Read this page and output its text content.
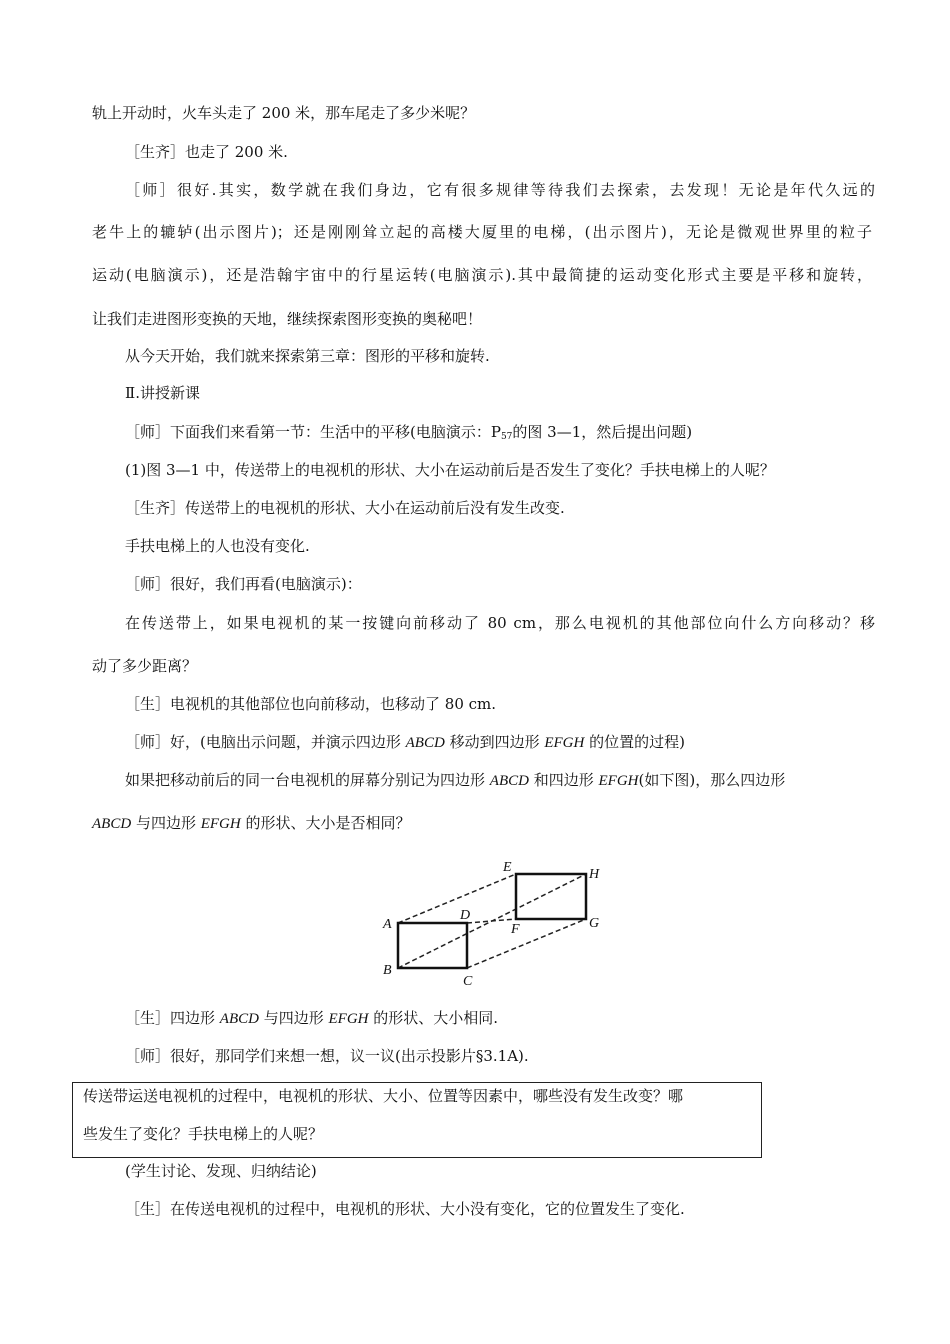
轨上开动时，火车头走了 200 米，那车尾走了多少米呢？
［生齐］也走了 200 米.
［师］很好.其实，数学就在我们身边，它有很多规律等待我们去探索，去发现！无论是年代久远的
老牛上的辘轳(出示图片)；还是刚刚耸立起的高楼大厦里的电梯，(出示图片)，无论是微观世界里的粒子
运动(电脑演示)，还是浩翰宇宙中的行星运转(电脑演示).其中最简捷的运动变化形式主要是平移和旋转，
让我们走进图形变换的天地，继续探索图形变换的奥秘吧！
从今天开始，我们就来探索第三章：图形的平移和旋转.
Ⅱ.讲授新课
［师］下面我们来看第一节：生活中的平移(电脑演示：$P_{57}$的图 3—1，然后提出问题)
(1)图 3—1 中，传送带上的电视机的形状、大小在运动前后是否发生了变化？手扶电梯上的人呢？
［生齐］传送带上的电视机的形状、大小在运动前后没有发生改变.
手扶电梯上的人也没有变化.
［师］很好，我们再看(电脑演示)：
在传送带上，如果电视机的某一按键向前移动了 80 cm，那么电视机的其他部位向什么方向移动？移
动了多少距离？
［生］电视机的其他部位也向前移动，也移动了 80 cm.
［师］好，(电脑出示问题，并演示四边形 ABCD 移动到四边形 EFGH 的位置的过程)
如果把移动前后的同一台电视机的屏幕分别记为四边形 ABCD 和四边形 EFGH(如下图)，那么四边形
ABCD 与四边形 EFGH 的形状、大小是否相同？
A
B
C
D
E
F	G
H
［生］四边形 ABCD 与四边形 EFGH 的形状、大小相同.
［师］很好，那同学们来想一想，议一议(出示投影片§3.1A).
传送带运送电视机的过程中，电视机的形状、大小、位置等因素中，哪些没有发生改变？哪
些发生了变化？手扶电梯上的人呢？
(学生讨论、发现、归纳结论)
［生］在传送电视机的过程中，电视机的形状、大小没有变化，它的位置发生了变化.
